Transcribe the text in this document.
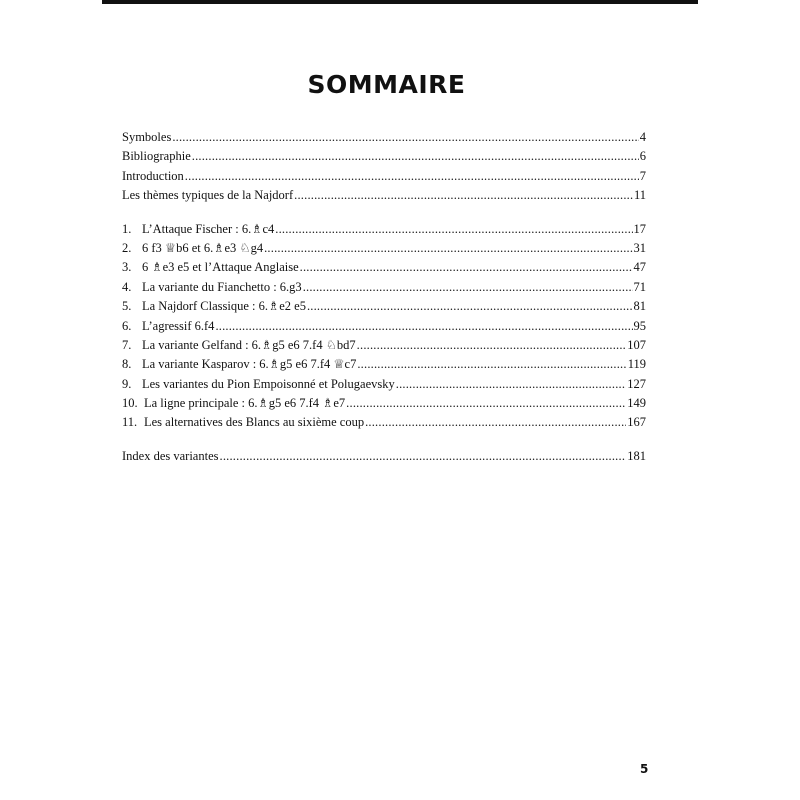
SOMMAIRE
Symboles .....	4
Bibliographie .....	6
Introduction .....	7
Les thèmes typiques de la Najdorf .....	11
1. L’Attaque Fischer : 6.♗c4 .....	17
2. 6 f3 ♕b6 et 6.♗e3 ♘g4 .....	31
3. 6 ♗e3 e5 et l’Attaque Anglaise .....	47
4. La variante du Fianchetto : 6.g3 .....	71
5. La Najdorf Classique : 6.♗e2 e5 .....	81
6. L’agressif 6.f4 .....	95
7. La variante Gelfand : 6.♗g5 e6 7.f4 ♘bd7 .....	107
8. La variante Kasparov : 6.♗g5 e6 7.f4 ♕c7 .....	119
9. Les variantes du Pion Empoisonné et Polugaevsky .....	127
10. La ligne principale : 6.♗g5 e6 7.f4 ♗e7 .....	149
11. Les alternatives des Blancs au sixième coup .....	167
Index des variantes .....	181
5
